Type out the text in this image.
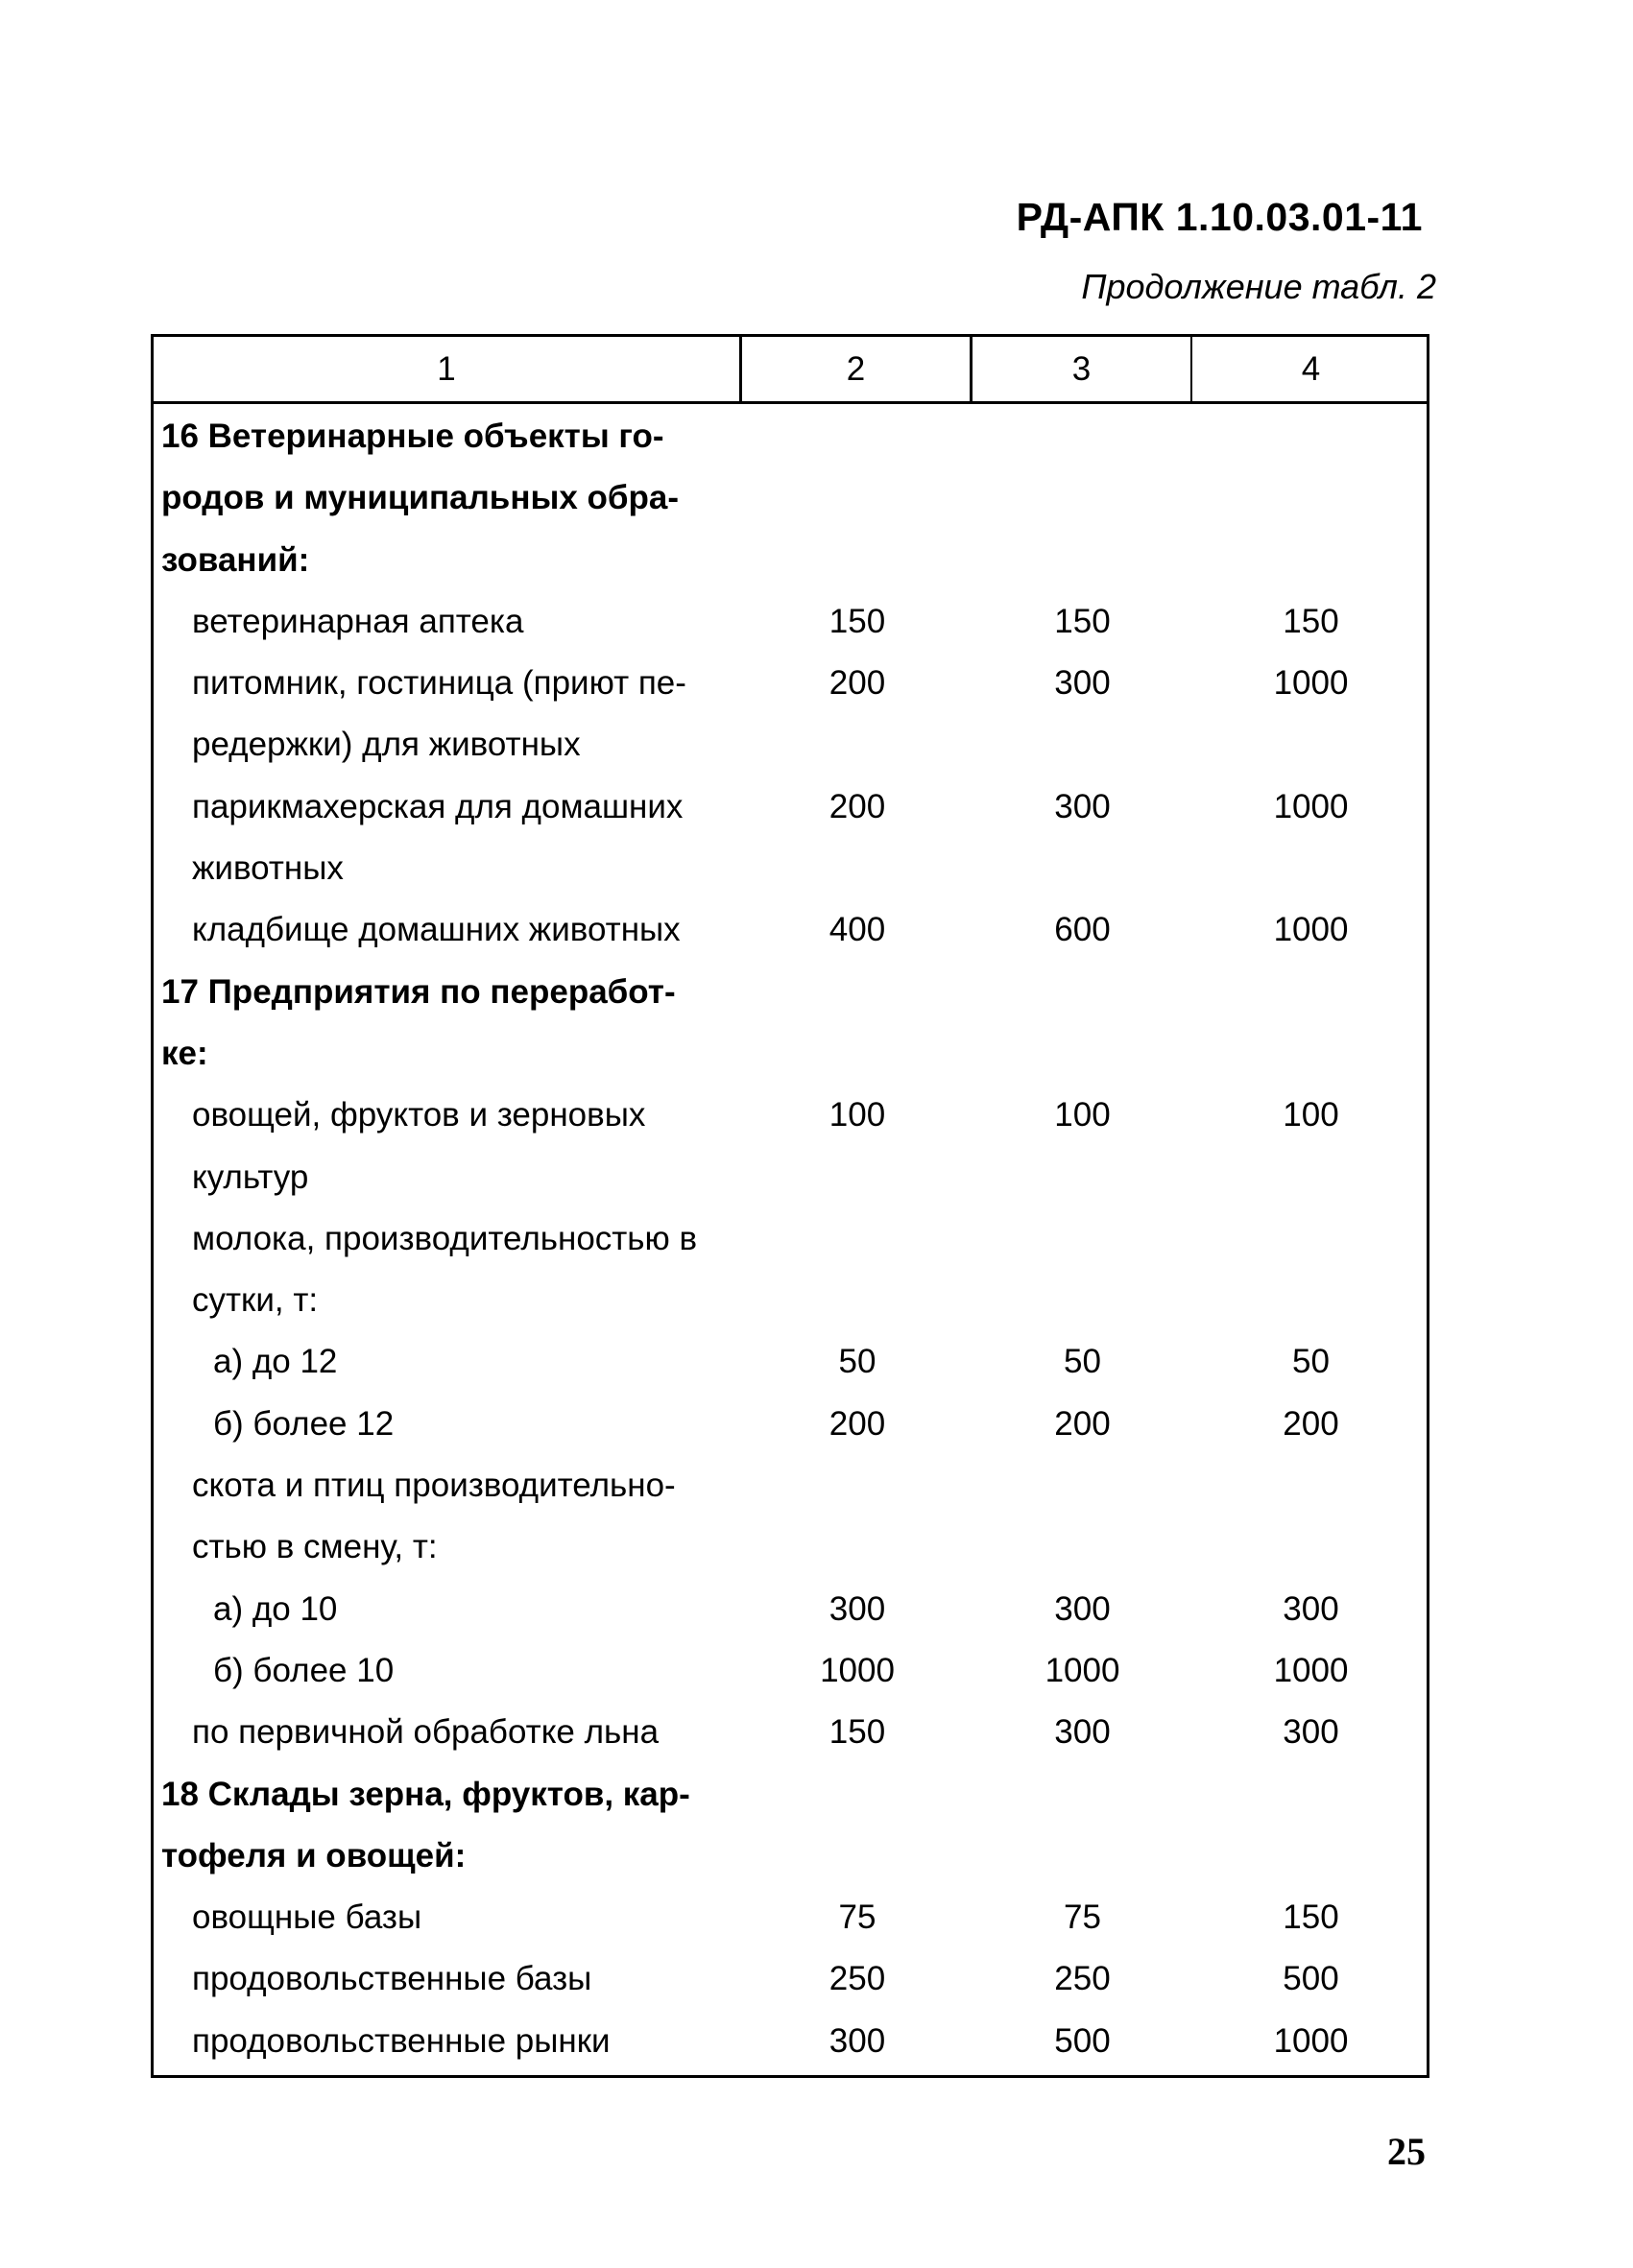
РД-АПК 1.10.03.01-11
Продолжение табл. 2
1	2	3	4
16 Ветеринарные объекты го-
родов и муниципальных обра-
зований:
ветеринарная аптека	150	150	150
питомник, гостиница (приют пе-	200	300	1000
редержки) для животных
парикмахерская для домашних	200	300	1000
животных
кладбище домашних животных	400	600	1000
17 Предприятия по переработ-
ке:
овощей, фруктов и зерновых	100	100	100
культур
молока, производительностью в
сутки, т:
а) до 12	50	50	50
б) более 12	200	200	200
скота и птиц производительно-
стью в смену, т:
а) до 10	300	300	300
б) более 10	1000	1000	1000
по первичной обработке льна	150	300	300
18 Склады зерна, фруктов, кар-
тофеля и овощей:
овощные базы	75	75	150
продовольственные базы	250	250	500
продовольственные рынки	300	500	1000
25
